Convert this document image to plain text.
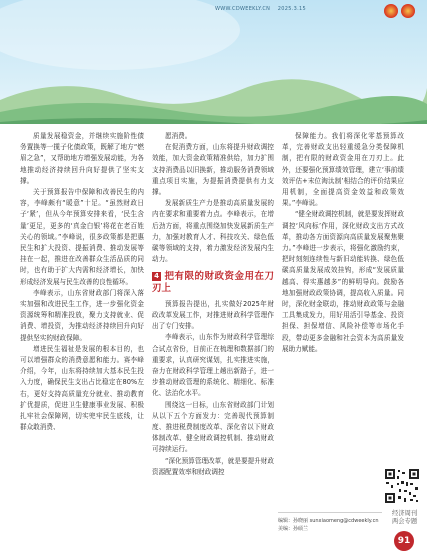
WWW.CDWEEKLY.CN 2025.3.15

质量发展稳资金，并继续实施阶性债务置换等一揽子化债政策，既解了地方“燃眉之急”，又帮助地方增强发展动能，为各地推动经济持续回升向好提供了坚实支撑。

关于预算报告中保障和改善民生的内容，李峰颇有“暖意”十足。“虽然财政日子‘紧’，但从今年预算安排来看，‘民生含量’更足，更多的‘真金白银’将花在老百姓关心的领域。”李峰说，很多政策都是把惠民生和扩大投资、提振消费、推动发展等挂在一起，推进在改善群众生活品质的同时，也有助于扩大内需和经济增长，加快形成经济发展与民生改善的良性循环。

李峰表示，山东省财政部门将深入落实加强和改进民生工作，进一步强化资金资源统筹和精准投放，聚力支持就业、促消费、增投资，为推动经济持续回升向好提供坚实的财政保障。

增进民生福祉是发展的根本目的，也可以增强群众的消费意愿和能力。赛李峰介绍，今年，山东将持续加大基本民生投入力度，确保民生支出占比稳定在80%左右，更好支持高质量充分就业、推动教育扩优提质，促进卫生健康事业发展、积极扎牢社会保障网，切实兜牢民生底线，让群众敢消费、

愿消费。

在促消费方面，山东将提升财政调控效能，加大资金政策精准供给，加力扩围支持消费品以旧换新，推动服务消费领域重点项目实施，为提振消费提供有力支撑。

发展新质生产力是推动高质量发展的内在要求和重要着力点。李峰表示，在增后劲方面，将重点围绕加快发展新质生产力，加强对教育人才、科技攻关、绿色低碳等领域的支持，着力激发经济发展内生动力。

4 把有限的财政资金用在刀刃上

预算报告提出，扎实做好2025年财政改革发展工作，对推进财政科学管理作出了专门安排。

李峰表示，山东作为财政科学管理综合试点省份，目前正在梳理和数据部门的重要求，认真研究谋划，扎实推进实施，奋力在财政科学管理上趟出新路子，进一步推动财政管理的系统化、精细化、标准化、法治化水平。

围绕这一目标，山东省财政部门计划从以下五个方面发力：完善现代预算制度、推进税费制度改革、深化省以下财政体制改革、健全财政调控机制、推动财政可持续运行。

“深化预算管理改革，就是要提升财政资源配置效率和财政调控

保障能力。我们将深化零基预算改革，完善财政支出轻重缓急分类保障机制，把有限的财政资金用在刀刃上。此外，还要强化预算绩效管理，建立‘事前绩效评估+末位淘汰制’相结合的评价结果应用机制，全面提高资金效益和政策效果。”李峰说。

“健全财政调控机制，就是要发挥财政调控‘风向标’作用，深化财政支出方式改革，推动各方面资源向高质量发展聚焦聚力。”李峰进一步表示，将强化激励约束，把时刻刻连续性与新旧动能转换、绿色低碳高质量发展成效挂钩，形成“发展质量越高、得实惠越多”的鲜明导向。鼓励各地加强财政政策协调，提高收入质量。同时，深化财金联动，推动财政政策与金融工具集成发力，用好用活引导基金、投资担保、担保增信、风险补偿等市场化手段，带动更多金融和社会资本为高质量发展助力赋能。

编辑：孙晓丽 sunxiaomeng@cdweekly.cn
美编：孙硕兰
经济周刊
两会专题
91
